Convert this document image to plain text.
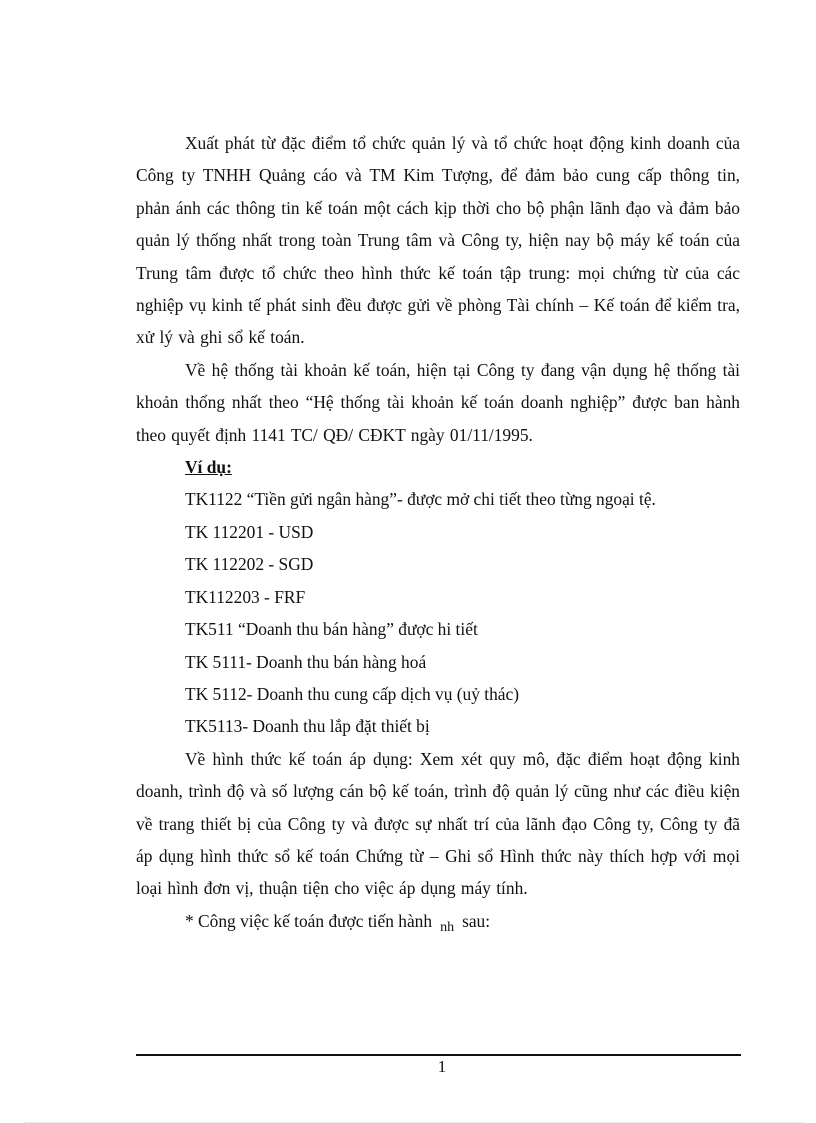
Xuất phát từ đặc điểm tổ chức quản lý và tổ chức hoạt động kinh doanh của Công ty TNHH Quảng cáo và TM Kim Tượng, để đảm bảo cung cấp thông tin, phản ánh các thông tin kế toán một cách kịp thời cho bộ phận lãnh đạo và đảm bảo quản lý thống nhất trong toàn Trung tâm và Công ty, hiện nay bộ máy kế toán của Trung tâm được tổ chức theo hình thức kế toán tập trung: mọi chứng từ của các nghiệp vụ kinh tế phát sinh đều được gửi về phòng Tài chính – Kế toán để kiểm tra, xử lý và ghi sổ kế toán.

Về hệ thống tài khoản kế toán, hiện tại Công ty đang vận dụng hệ thống tài khoản thống nhất theo “Hệ thống tài khoản kế toán doanh nghiệp” được ban hành theo quyết định 1141 TC/ QĐ/ CĐKT ngày 01/11/1995.

Ví dụ:

TK1122 “Tiền gửi ngân hàng”- được mở chi tiết theo từng ngoại tệ.

TK 112201 - USD

TK 112202 - SGD

TK112203 - FRF

TK511 “Doanh thu bán hàng” được hi tiết

TK 5111- Doanh thu bán hàng hoá

TK 5112- Doanh thu cung cấp dịch vụ (uỷ thác)

TK5113- Doanh thu lắp đặt thiết bị

Về hình thức kế toán áp dụng: Xem xét quy mô, đặc điểm hoạt động kinh doanh, trình độ và số lượng cán bộ kế toán, trình độ quản lý cũng như các điều kiện về trang thiết bị của Công ty và được sự nhất trí của lãnh đạo Công ty, Công ty đã áp dụng hình thức sổ kế toán Chứng từ – Ghi sổ Hình thức này thích hợp với mọi loại hình đơn vị, thuận tiện cho việc áp dụng máy tính.

* Công việc kế toán được tiến hành $_{nh}$ sau:

1
